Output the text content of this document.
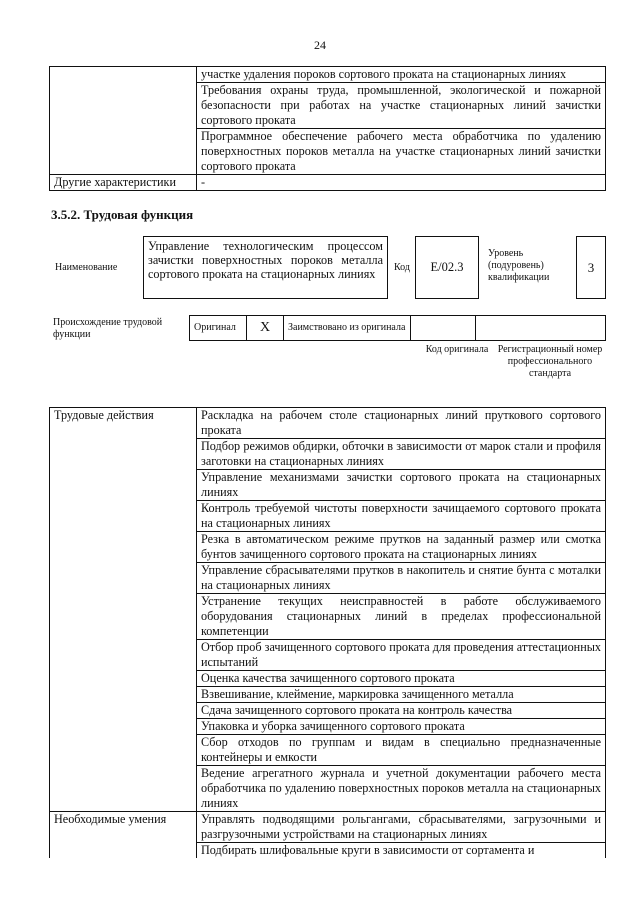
24
	участке удаления пороков сортового проката на стационарных линиях
	Требования охраны труда, промышленной, экологической и пожарной безопасности при работах на участке стационарных линий зачистки сортового проката
	Программное обеспечение рабочего места обработчика по удалению поверхностных пороков металла на участке стационарных линий зачистки сортового проката
Другие характеристики	-
3.5.2. Трудовая функция
Наименование
Управление технологическим процессом зачистки поверхностных пороков металла сортового проката на стационарных линиях	Код	E/02.3
Уровень (подуровень) квалификации
3
Происхождение трудовой функции
Оригинал	X	Заимствовано из оригинала		
Код оригинала Регистрационный номер профессионального стандарта
Трудовые действия	Раскладка на рабочем столе стационарных линий пруткового сортового проката
	Подбор режимов обдирки, обточки в зависимости от марок стали и профиля заготовки на стационарных линиях
	Управление механизмами зачистки сортового проката на стационарных линиях
	Контроль требуемой чистоты поверхности зачищаемого сортового проката на стационарных линиях
	Резка в автоматическом режиме прутков на заданный размер или смотка бунтов зачищенного сортового проката на стационарных линиях
	Управление сбрасывателями прутков в накопитель и снятие бунта с моталки на стационарных линиях
	Устранение текущих неисправностей в работе обслуживаемого оборудования стационарных линий в пределах профессиональной компетенции
	Отбор проб зачищенного сортового проката для проведения аттестационных испытаний
	Оценка качества зачищенного сортового проката
	Взвешивание, клеймение, маркировка зачищенного металла
	Сдача зачищенного сортового проката на контроль качества
	Упаковка и уборка зачищенного сортового проката
	Сбор отходов по группам и видам в специально предназначенные контейнеры и емкости
	Ведение агрегатного журнала и учетной документации рабочего места обработчика по удалению поверхностных пороков металла на стационарных линиях
Необходимые умения	Управлять подводящими рольгангами, сбрасывателями, загрузочными и разгрузочными устройствами на стационарных линиях
	Подбирать шлифовальные круги в зависимости от сортамента и
